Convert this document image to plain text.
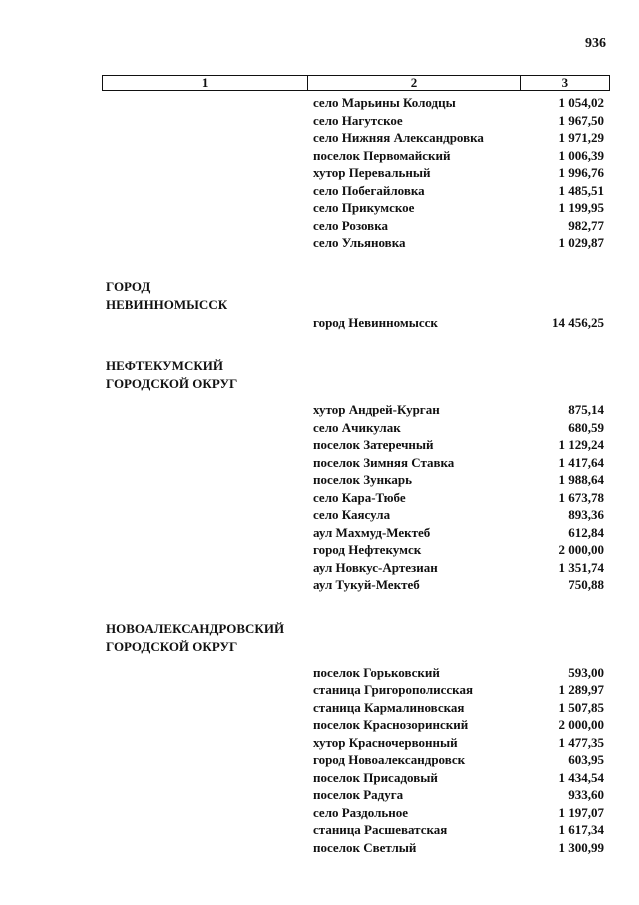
936
1	2	3
село Марьины Колодцы	1 054,02
село Нагутское	1 967,50
село Нижняя Александровка	1 971,29
поселок Первомайский	1 006,39
хутор Перевальный	1 996,76
село Побегайловка	1 485,51
село Прикумское	1 199,95
село Розовка	982,77
село Ульяновка	1 029,87
ГОРОД
НЕВИННОМЫССК
город Невинномысск	14 456,25
НЕФТЕКУМСКИЙ
ГОРОДСКОЙ ОКРУГ
хутор Андрей-Курган	875,14
село Ачикулак	680,59
поселок Затеречный	1 129,24
поселок Зимняя Ставка	1 417,64
поселок Зункарь	1 988,64
село Кара-Тюбе	1 673,78
село Каясула	893,36
аул Махмуд-Мектеб	612,84
город Нефтекумск	2 000,00
аул Новкус-Артезиан	1 351,74
аул Тукуй-Мектеб	750,88
НОВОАЛЕКСАНДРОВСКИЙ
ГОРОДСКОЙ ОКРУГ
поселок Горьковский	593,00
станица Григорополисская	1 289,97
станица Кармалиновская	1 507,85
поселок Краснозоринский	2 000,00
хутор Красночервонный	1 477,35
город Новоалександровск	603,95
поселок Присадовый	1 434,54
поселок Радуга	933,60
село Раздольное	1 197,07
станица Расшеватская	1 617,34
поселок Светлый	1 300,99
